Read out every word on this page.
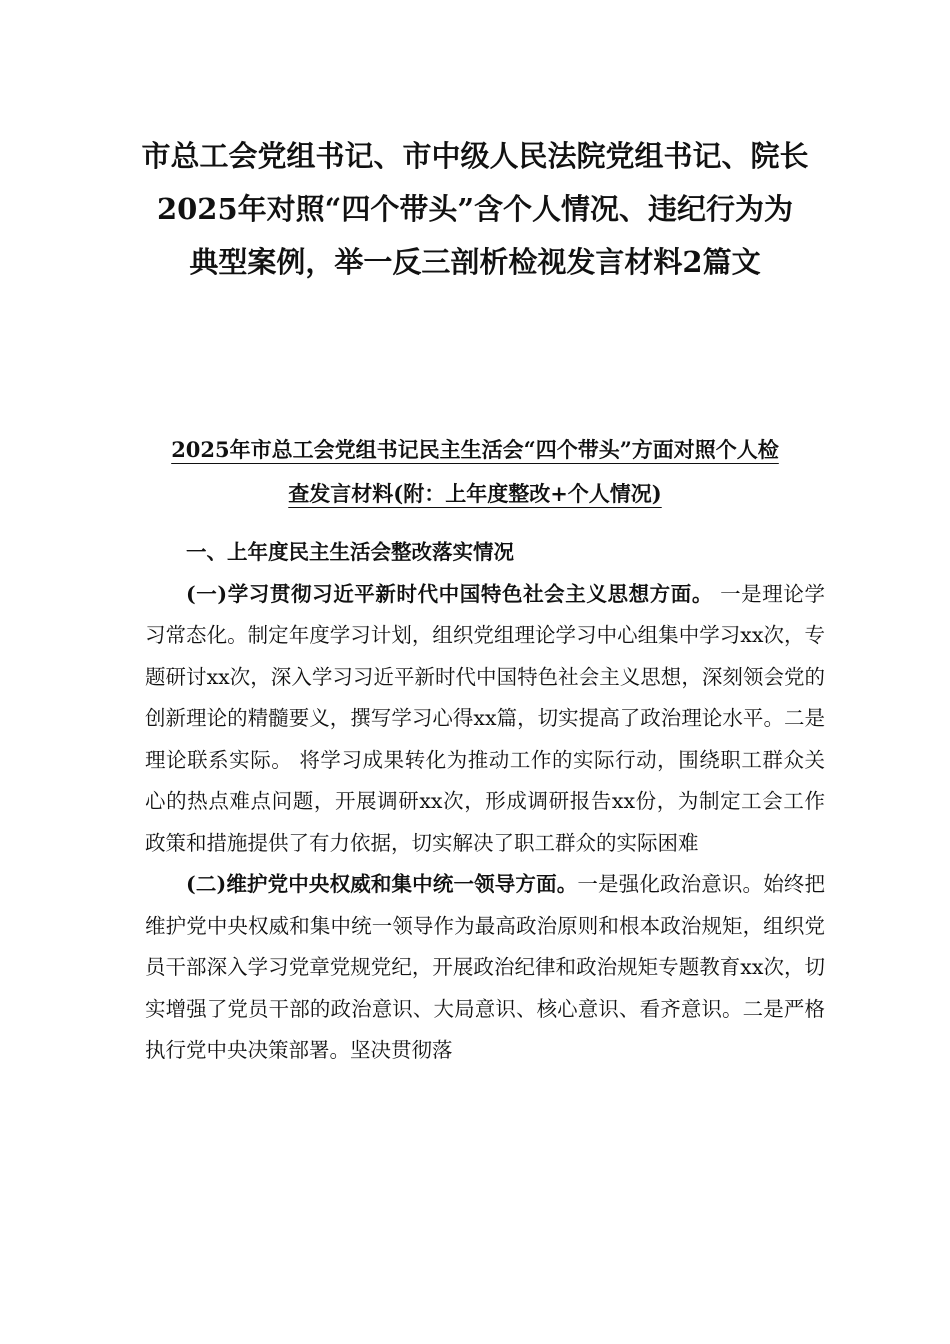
市总工会党组书记、市中级人民法院党组书记、院长
2025年对照“四个带头”含个人情况、违纪行为为
典型案例，举一反三剖析检视发言材料2篇文
2025年市总工会党组书记民主生活会“四个带头”方面对照个人检
查发言材料(附：上年度整改+个人情况)

一、上年度民主生活会整改落实情况

(一)学习贯彻习近平新时代中国特色社会主义思想方面。 一是理论学习常态化。制定年度学习计划，组织党组理论学习中心组集中学习xx次，专题研讨xx次，深入学习习近平新时代中国特色社会主义思想，深刻领会党的创新理论的精髓要义，撰写学习心得xx篇，切实提高了政治理论水平。二是理论联系实际。 将学习成果转化为推动工作的实际行动，围绕职工群众关心的热点难点问题，开展调研xx次，形成调研报告xx份，为制定工会工作政策和措施提供了有力依据，切实解决了职工群众的实际困难

(二)维护党中央权威和集中统一领导方面。一是强化政治意识。始终把维护党中央权威和集中统一领导作为最高政治原则和根本政治规矩，组织党员干部深入学习党章党规党纪，开展政治纪律和政治规矩专题教育xx次，切实增强了党员干部的政治意识、大局意识、核心意识、看齐意识。二是严格执行党中央决策部署。坚决贯彻落
